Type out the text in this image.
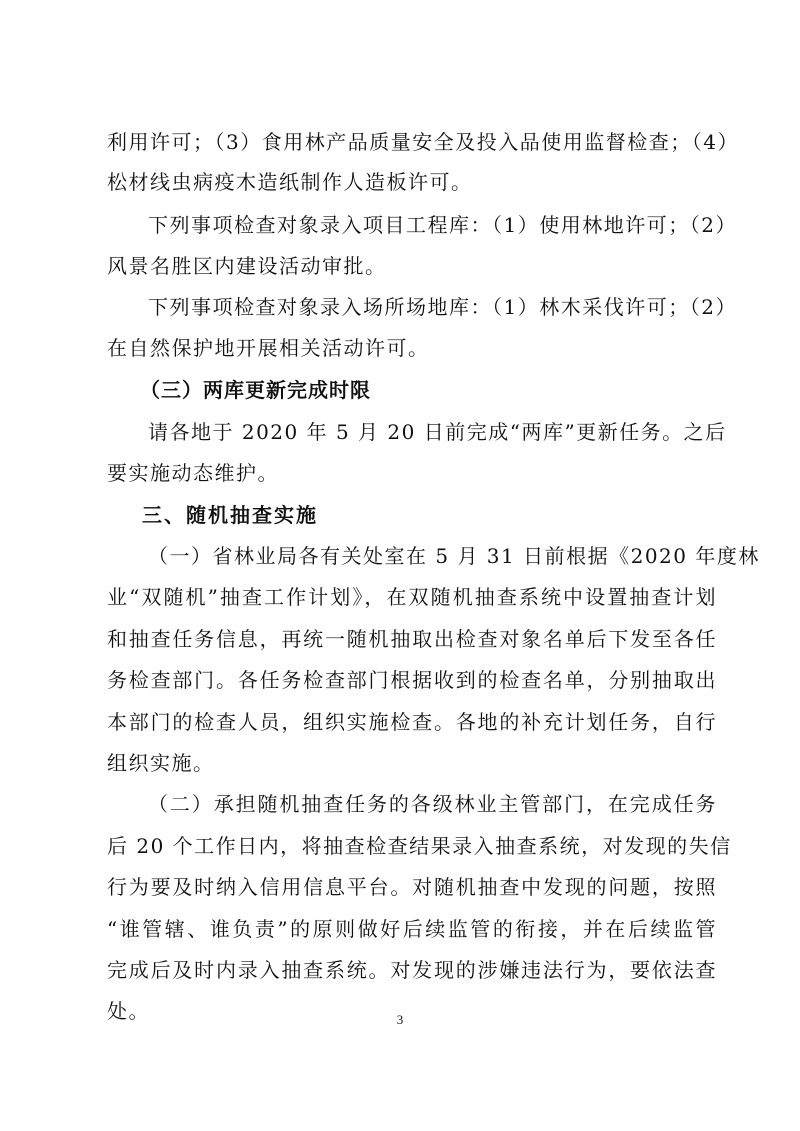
利用许可；（3）食用林产品质量安全及投入品使用监督检查；（4）
松材线虫病疫木造纸制作人造板许可。
下列事项检查对象录入项目工程库：（1）使用林地许可；（2）
风景名胜区内建设活动审批。
下列事项检查对象录入场所场地库：（1）林木采伐许可；（2）
在自然保护地开展相关活动许可。
（三）两库更新完成时限
请各地于 2020 年 5 月 20 日前完成“两库”更新任务。之后
要实施动态维护。
三、随机抽查实施
（一）省林业局各有关处室在 5 月 31 日前根据《2020 年度林
业“双随机”抽查工作计划》，在双随机抽查系统中设置抽查计划
和抽查任务信息，再统一随机抽取出检查对象名单后下发至各任
务检查部门。各任务检查部门根据收到的检查名单，分别抽取出
本部门的检查人员，组织实施检查。各地的补充计划任务，自行
组织实施。
（二）承担随机抽查任务的各级林业主管部门，在完成任务
后 20 个工作日内，将抽查检查结果录入抽查系统，对发现的失信
行为要及时纳入信用信息平台。对随机抽查中发现的问题，按照
“谁管辖、谁负责”的原则做好后续监管的衔接，并在后续监管
完成后及时内录入抽查系统。对发现的涉嫌违法行为，要依法查
处。	3
